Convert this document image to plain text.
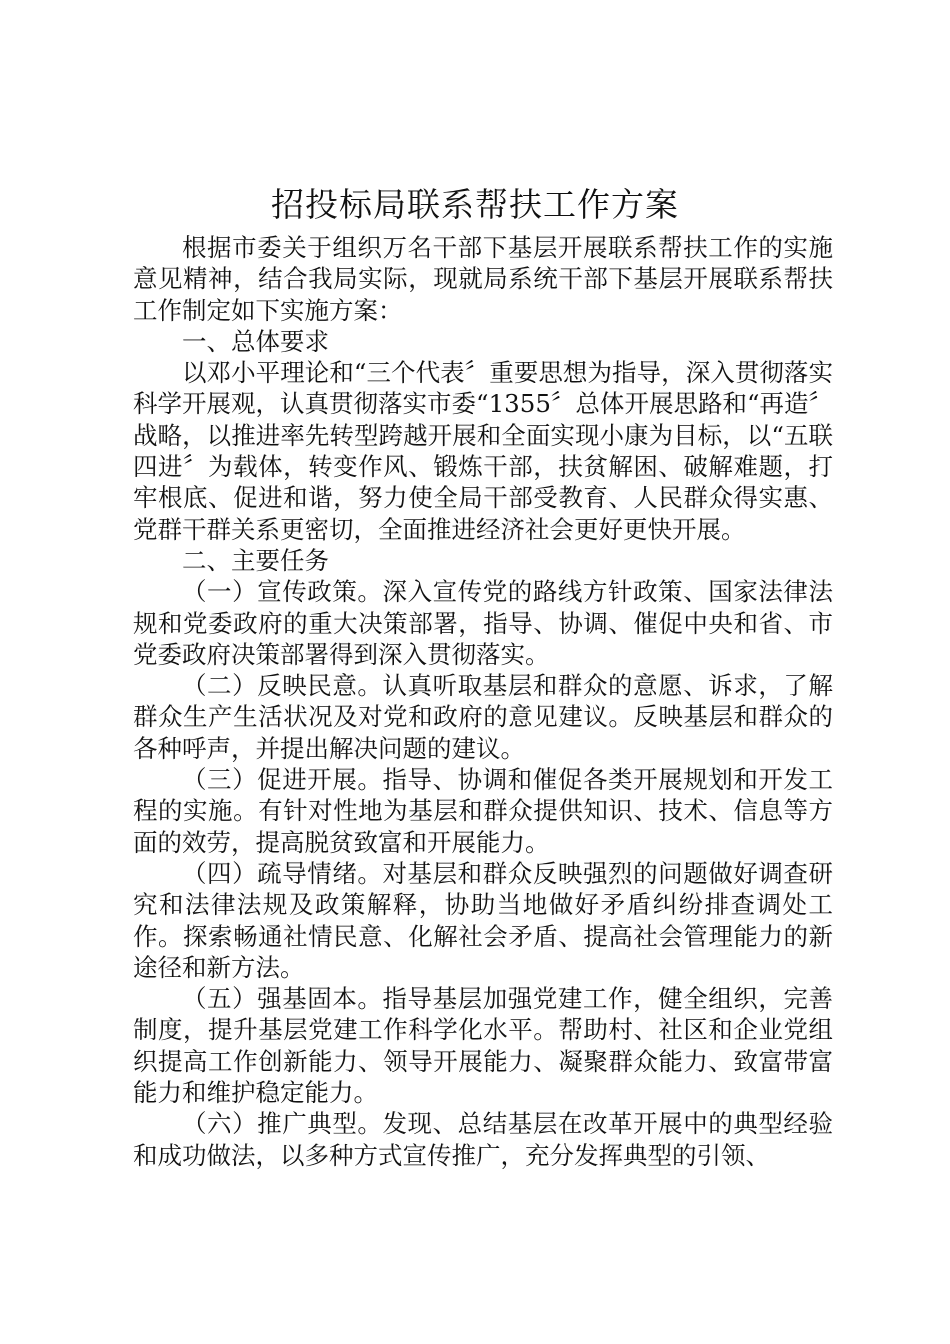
招投标局联系帮扶工作方案

根据市委关于组织万名干部下基层开展联系帮扶工作的实施意见精神，结合我局实际，现就局系统干部下基层开展联系帮扶工作制定如下实施方案：

一、总体要求

以邓小平理论和“三个代表〞重要思想为指导，深入贯彻落实科学开展观，认真贯彻落实市委“1355〞总体开展思路和“再造〞战略，以推进率先转型跨越开展和全面实现小康为目标，以“五联四进〞为载体，转变作风、锻炼干部，扶贫解困、破解难题，打牢根底、促进和谐，努力使全局干部受教育、人民群众得实惠、党群干群关系更密切，全面推进经济社会更好更快开展。

二、主要任务

（一）宣传政策。深入宣传党的路线方针政策、国家法律法规和党委政府的重大决策部署，指导、协调、催促中央和省、市党委政府决策部署得到深入贯彻落实。

（二）反映民意。认真听取基层和群众的意愿、诉求，了解群众生产生活状况及对党和政府的意见建议。反映基层和群众的各种呼声，并提出解决问题的建议。

（三）促进开展。指导、协调和催促各类开展规划和开发工程的实施。有针对性地为基层和群众提供知识、技术、信息等方面的效劳，提高脱贫致富和开展能力。

（四）疏导情绪。对基层和群众反映强烈的问题做好调查研究和法律法规及政策解释，协助当地做好矛盾纠纷排查调处工作。探索畅通社情民意、化解社会矛盾、提高社会管理能力的新途径和新方法。

（五）强基固本。指导基层加强党建工作，健全组织，完善制度，提升基层党建工作科学化水平。帮助村、社区和企业党组织提高工作创新能力、领导开展能力、凝聚群众能力、致富带富能力和维护稳定能力。

（六）推广典型。发现、总结基层在改革开展中的典型经验和成功做法，以多种方式宣传推广，充分发挥典型的引领、
